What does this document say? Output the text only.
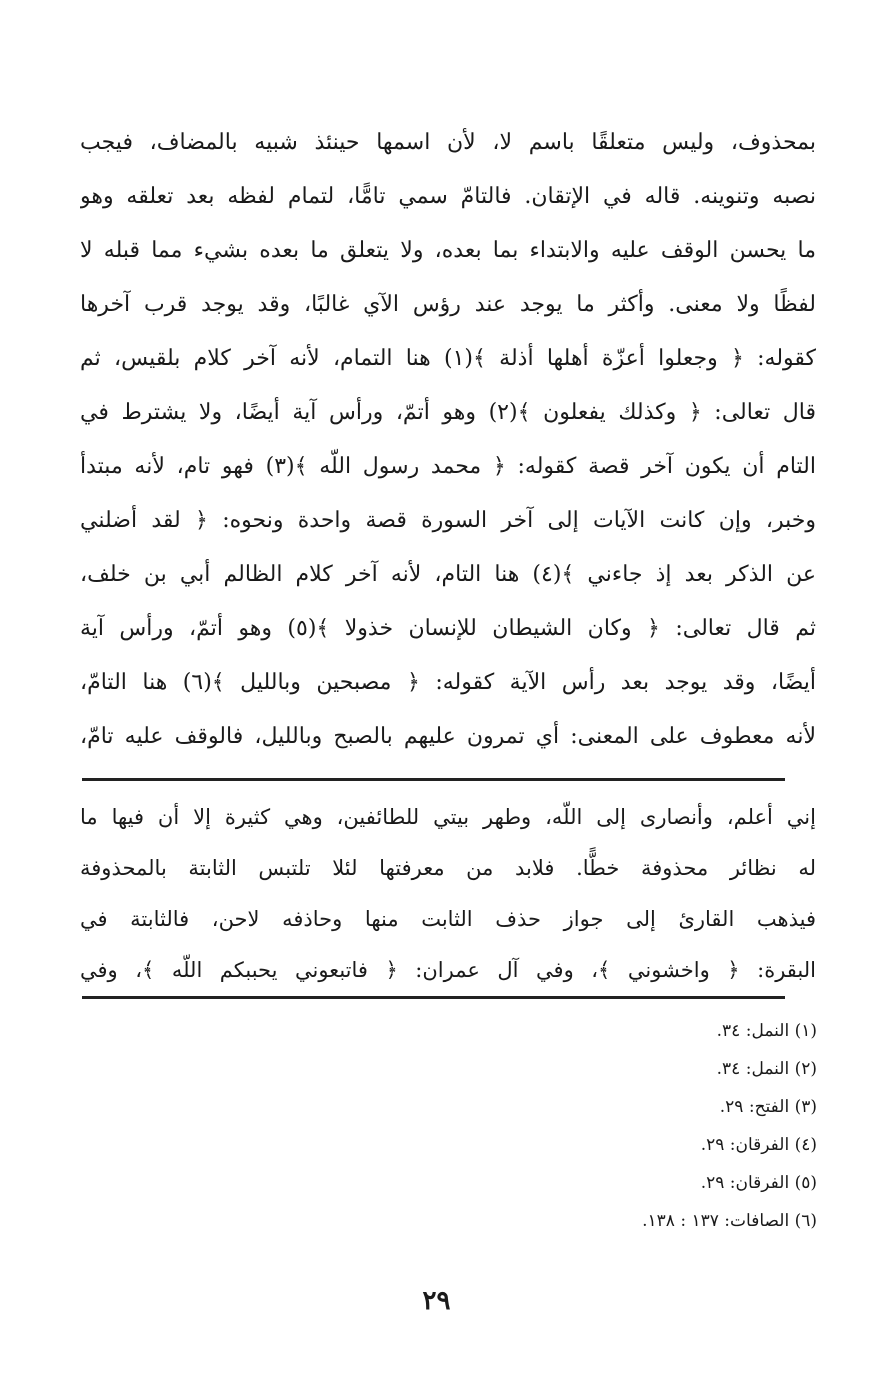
بمحذوف، وليس متعلقًا باسم لا، لأن اسمها حينئذ شبيه بالمضاف، فيجب
نصبه وتنوينه. قاله في الإتقان. فالتامّ سمي تامًّا، لتمام لفظه بعد تعلقه وهو
ما يحسن الوقف عليه والابتداء بما بعده، ولا يتعلق ما بعده بشيء مما قبله لا
لفظًا ولا معنى. وأكثر ما يوجد عند رؤس الآي غالبًا، وقد يوجد قرب آخرها
كقوله: ﴿ وجعلوا أعزّة أهلها أذلة ﴾(١) هنا التمام، لأنه آخر كلام بلقيس، ثم
قال تعالى: ﴿ وكذلك يفعلون ﴾(٢) وهو أتمّ، ورأس آية أيضًا، ولا يشترط في
التام أن يكون آخر قصة كقوله: ﴿ محمد رسول اللّه ﴾(٣) فهو تام، لأنه مبتدأ
وخبر، وإن كانت الآيات إلى آخر السورة قصة واحدة ونحوه: ﴿ لقد أضلني
عن الذكر بعد إذ جاءني ﴾(٤) هنا التام، لأنه آخر كلام الظالم أبي بن خلف،
ثم قال تعالى: ﴿ وكان الشيطان للإنسان خذولا ﴾(٥) وهو أتمّ، ورأس آية
أيضًا، وقد يوجد بعد رأس الآية كقوله: ﴿ مصبحين وبالليل ﴾(٦) هنا التامّ،
لأنه معطوف على المعنى: أي تمرون عليهم بالصبح وبالليل، فالوقف عليه تامّ،
إني أعلم، وأنصارى إلى اللّه، وطهر بيتي للطائفين، وهي كثيرة إلا أن فيها ما
له نظائر محذوفة خطًّا. فلابد من معرفتها لئلا تلتبس الثابتة بالمحذوفة
فيذهب القارئ إلى جواز حذف الثابت منها وحاذفه لاحن، فالثابتة في
البقرة: ﴿ واخشوني ﴾، وفي آل عمران: ﴿ فاتبعوني يحببكم اللّه ﴾، وفي
(١) النمل: ٣٤.
(٢) النمل: ٣٤.
(٣) الفتح: ٢٩.
(٤) الفرقان: ٢٩.
(٥) الفرقان: ٢٩.
(٦) الصافات: ١٣٧ : ١٣٨.
٢٩
